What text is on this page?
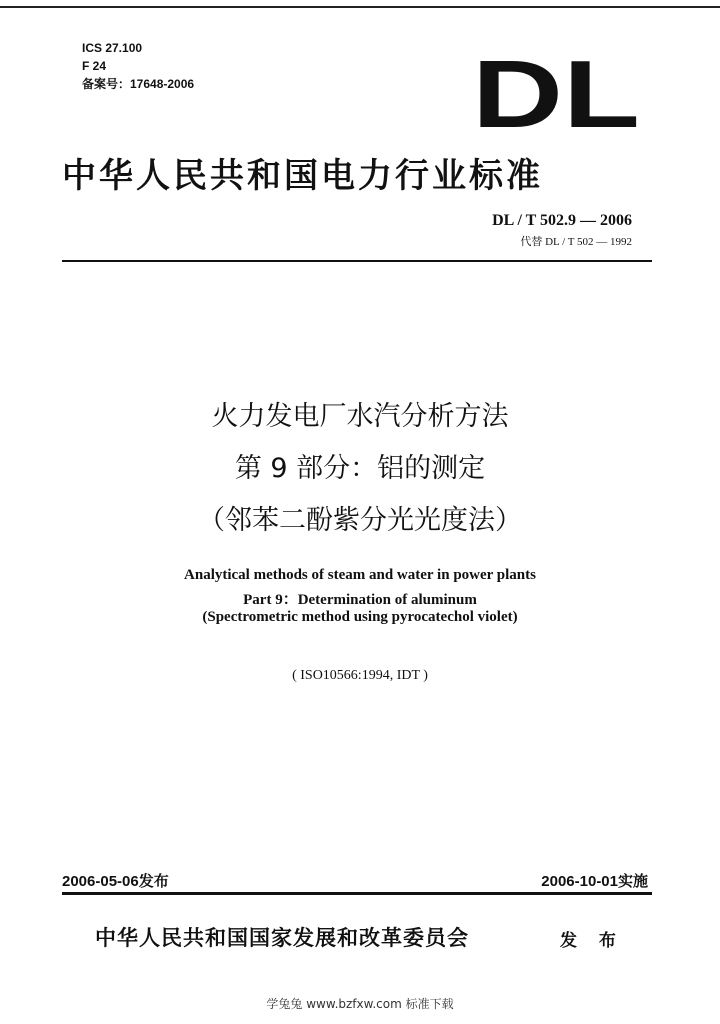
ICS 27.100
F 24
备案号：17648-2006	DL
中华人民共和国电力行业标准
DL / T 502.9 — 2006
代替 DL / T 502 — 1992
火力发电厂水汽分析方法
第 9 部分：铝的测定
（邻苯二酚紫分光光度法）
Analytical methods of steam and water in power plants
Part 9：Determination of aluminum
(Spectrometric method using pyrocatechol violet)
( ISO10566:1994, IDT )
2006-05-06发布	2006-10-01实施
中华人民共和国国家发展和改革委员会	发 布
学兔兔 www.bzfxw.com 标准下载
